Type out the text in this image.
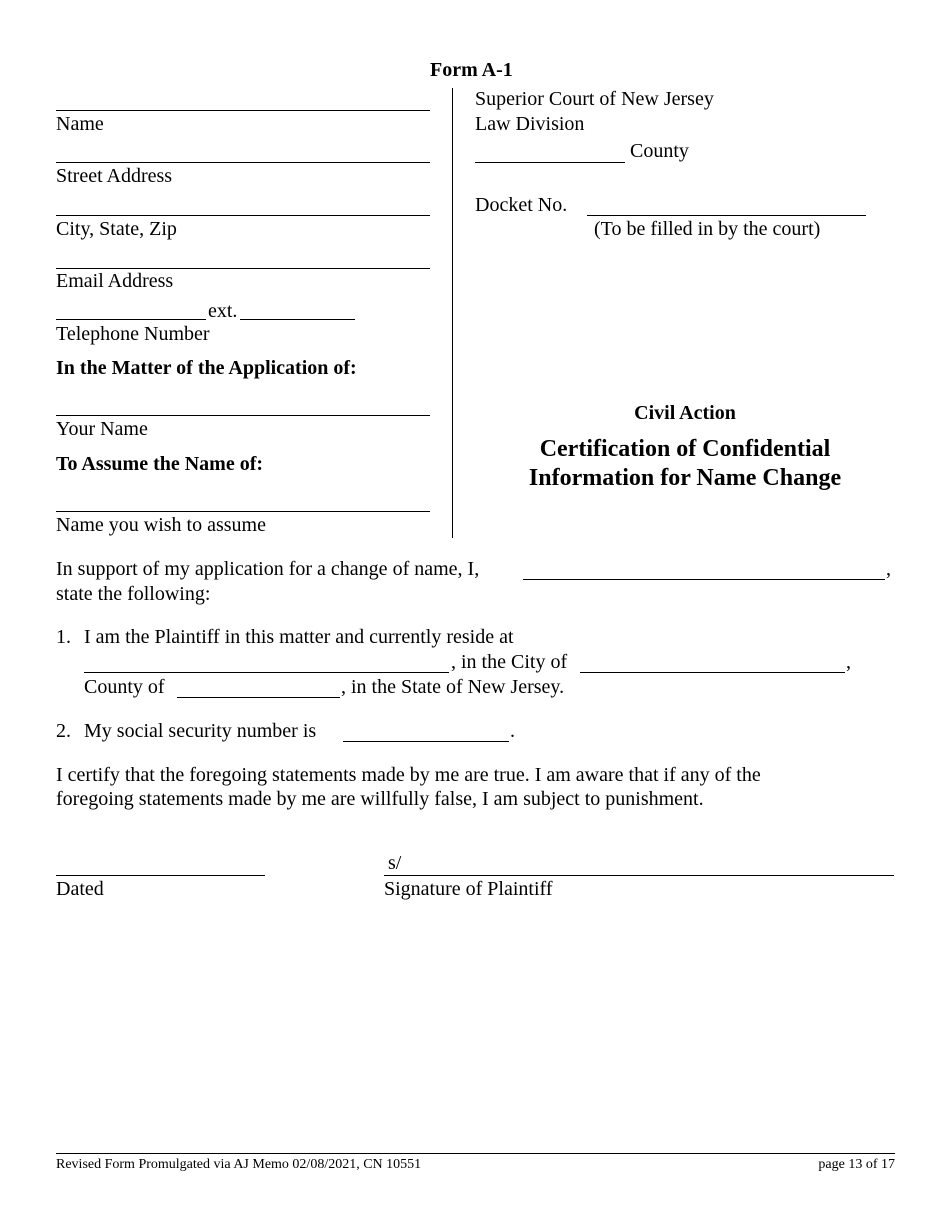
Form A-1
Name
Street Address
City, State, Zip
Email Address
ext.
Telephone Number
In the Matter of the Application of:
Your Name
To Assume the Name of:
Name you wish to assume
Superior Court of New Jersey
Law Division
County
Docket No.
(To be filled in by the court)
Civil Action
Certification of Confidential
Information for Name Change
In support of my application for a change of name, I,	,
state the following:
1. I am the Plaintiff in this matter and currently reside at
, in the City of	,
County of	, in the State of New Jersey.
2. My social security number is	.
I certify that the foregoing statements made by me are true. I am aware that if any of the
foregoing statements made by me are willfully false, I am subject to punishment.
Dated
s/
Signature of Plaintiff
Revised Form Promulgated via AJ Memo 02/08/2021, CN 10551	page 13 of 17
